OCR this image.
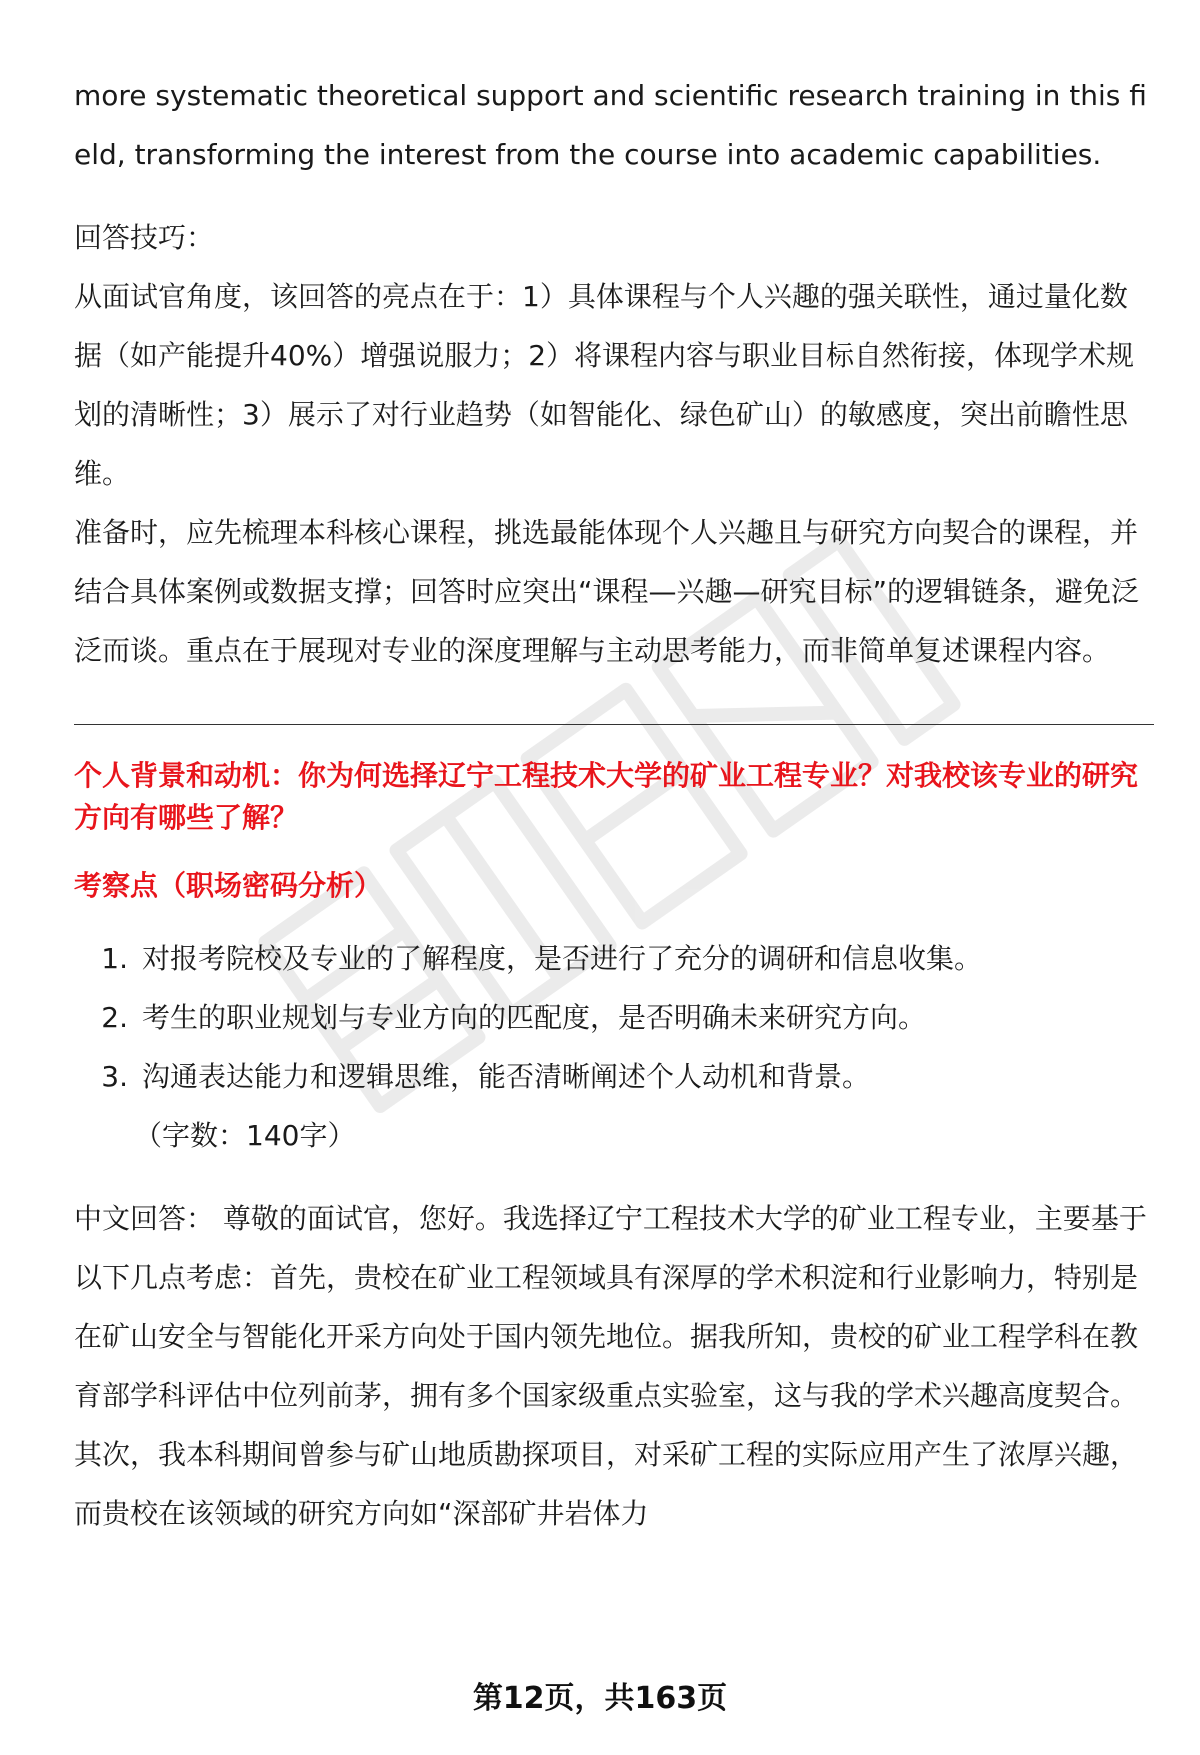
more systematic theoretical support and scientific research training in this field, transforming the interest from the course into academic capabilities.

回答技巧：

从面试官角度，该回答的亮点在于：1）具体课程与个人兴趣的强关联性，通过量化数据（如产能提升40%）增强说服力；2）将课程内容与职业目标自然衔接，体现学术规划的清晰性；3）展示了对行业趋势（如智能化、绿色矿山）的敏感度，突出前瞻性思维。

准备时，应先梳理本科核心课程，挑选最能体现个人兴趣且与研究方向契合的课程，并结合具体案例或数据支撑；回答时应突出“课程—兴趣—研究目标”的逻辑链条，避免泛泛而谈。重点在于展现对专业的深度理解与主动思考能力，而非简单复述课程内容。

个人背景和动机：你为何选择辽宁工程技术大学的矿业工程专业？对我校该专业的研究方向有哪些了解？

考察点（职场密码分析）

1. 对报考院校及专业的了解程度，是否进行了充分的调研和信息收集。
2. 考生的职业规划与专业方向的匹配度，是否明确未来研究方向。
3. 沟通表达能力和逻辑思维，能否清晰阐述个人动机和背景。

（字数：140字）

中文回答： 尊敬的面试官，您好。我选择辽宁工程技术大学的矿业工程专业，主要基于以下几点考虑：首先，贵校在矿业工程领域具有深厚的学术积淀和行业影响力，特别是在矿山安全与智能化开采方向处于国内领先地位。据我所知，贵校的矿业工程学科在教育部学科评估中位列前茅，拥有多个国家级重点实验室，这与我的学术兴趣高度契合。其次，我本科期间曾参与矿山地质勘探项目，对采矿工程的实际应用产生了浓厚兴趣，而贵校在该领域的研究方向如“深部矿井岩体力

第12页，共163页
